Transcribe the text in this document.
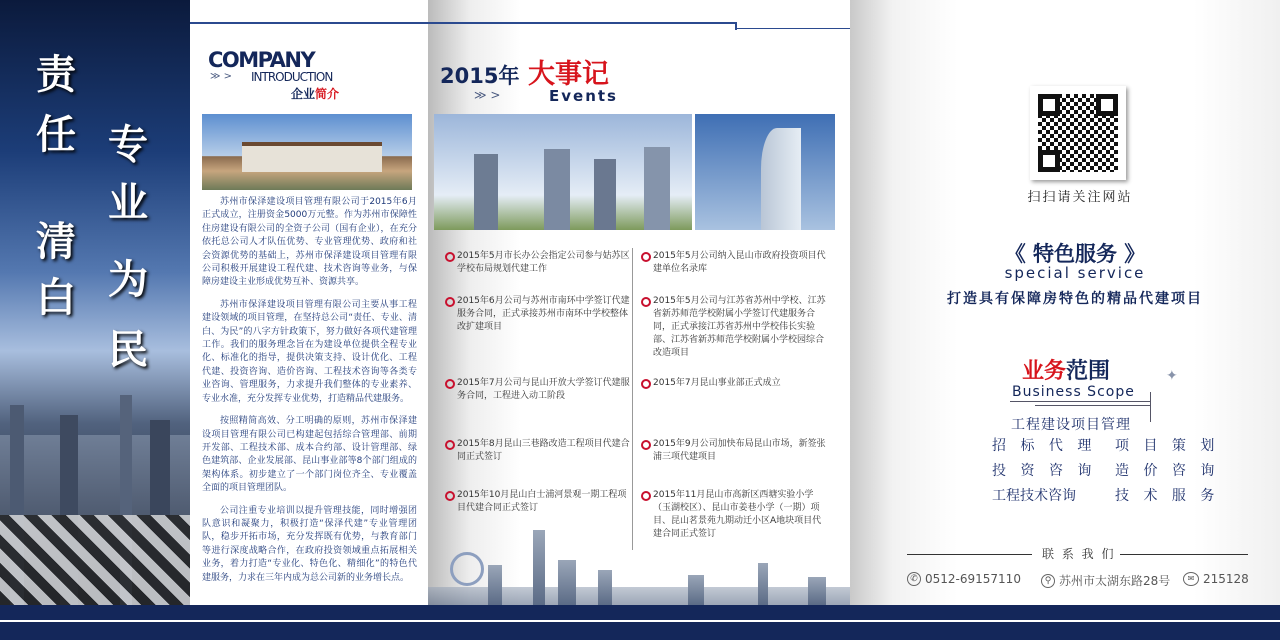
责
任
清
白
专
业
为
民
COMPANY
≫ > INTRODUCTION
企业简介

苏州市保泽建设项目管理有限公司于2015年6月正式成立，注册资金5000万元整。作为苏州市保障性住房建设有限公司的全资子公司（国有企业），在充分依托总公司人才队伍优势、专业管理优势、政府和社会资源优势的基础上，苏州市保泽建设项目管理有限公司积极开展建设工程代建、技术咨询等业务，与保障房建设主业形成优势互补、资源共享。

苏州市保泽建设项目管理有限公司主要从事工程建设领域的项目管理，在坚持总公司“责任、专业、清白、为民”的八字方针政策下，努力做好各项代建管理工作。我们的服务理念旨在为建设单位提供全程专业化、标准化的指导，提供决策支持、设计优化、工程代建、投资咨询、造价咨询、工程技术咨询等各类专业咨询、管理服务，力求提升我们整体的专业素养、专业水准，充分发挥专业优势，打造精品代建服务。

按照精简高效、分工明确的原则，苏州市保泽建设项目管理有限公司已构建起包括综合管理部、前期开发部、工程技术部、成本合约部、设计管理部、绿色建筑部、企业发展部、昆山事业部等8个部门组成的架构体系。初步建立了一个部门岗位齐全、专业覆盖全面的项目管理团队。

公司注重专业培训以提升管理技能，同时增强团队意识和凝聚力，积极打造“保泽代建”专业管理团队，稳步开拓市场，充分发挥既有优势，与教育部门等进行深度战略合作，在政府投资领域重点拓展相关业务，着力打造“专业化、特色化、精细化”的特色代建服务，力求在三年内成为总公司新的业务增长点。

2015年 大事记
≫ >	Events
2015年5月市长办公会指定公司参与姑苏区学校布局规划代建工作
2015年6月公司与苏州市南环中学签订代建服务合同，正式承接苏州市南环中学校整体改扩建项目
2015年7月公司与昆山开放大学签订代建服务合同，工程进入动工阶段
2015年8月昆山三巷路改造工程项目代建合同正式签订
2015年10月昆山白士浦河景观一期工程项目代建合同正式签订
2015年5月公司纳入昆山市政府投资项目代建单位名录库
2015年5月公司与江苏省苏州中学校、江苏省新苏师范学校附属小学签订代建服务合同，正式承接江苏省苏州中学校伟长实验部、江苏省新苏师范学校附属小学校园综合改造项目
2015年7月昆山事业部正式成立
2015年9月公司加快布局昆山市场，新签张浦三项代建项目
2015年11月昆山市高新区西塘实验小学（玉湖校区）、昆山市姜巷小学（一期）项目、昆山茗景苑九期动迁小区A地块项目代建合同正式签订
扫扫请关注网站
《 特色服务 》
special service
打造具有保障房特色的精品代建项目
业务范围
Business Scope
✦
工程建设项目管理
招 标 代 理 项 目 策 划
投 资 咨 询 造 价 咨 询
工程技术咨询	技 术 服 务
联 系 我 们
✆ 0512-69157110	⚲ 苏州市太湖东路28号	✉ 215128
